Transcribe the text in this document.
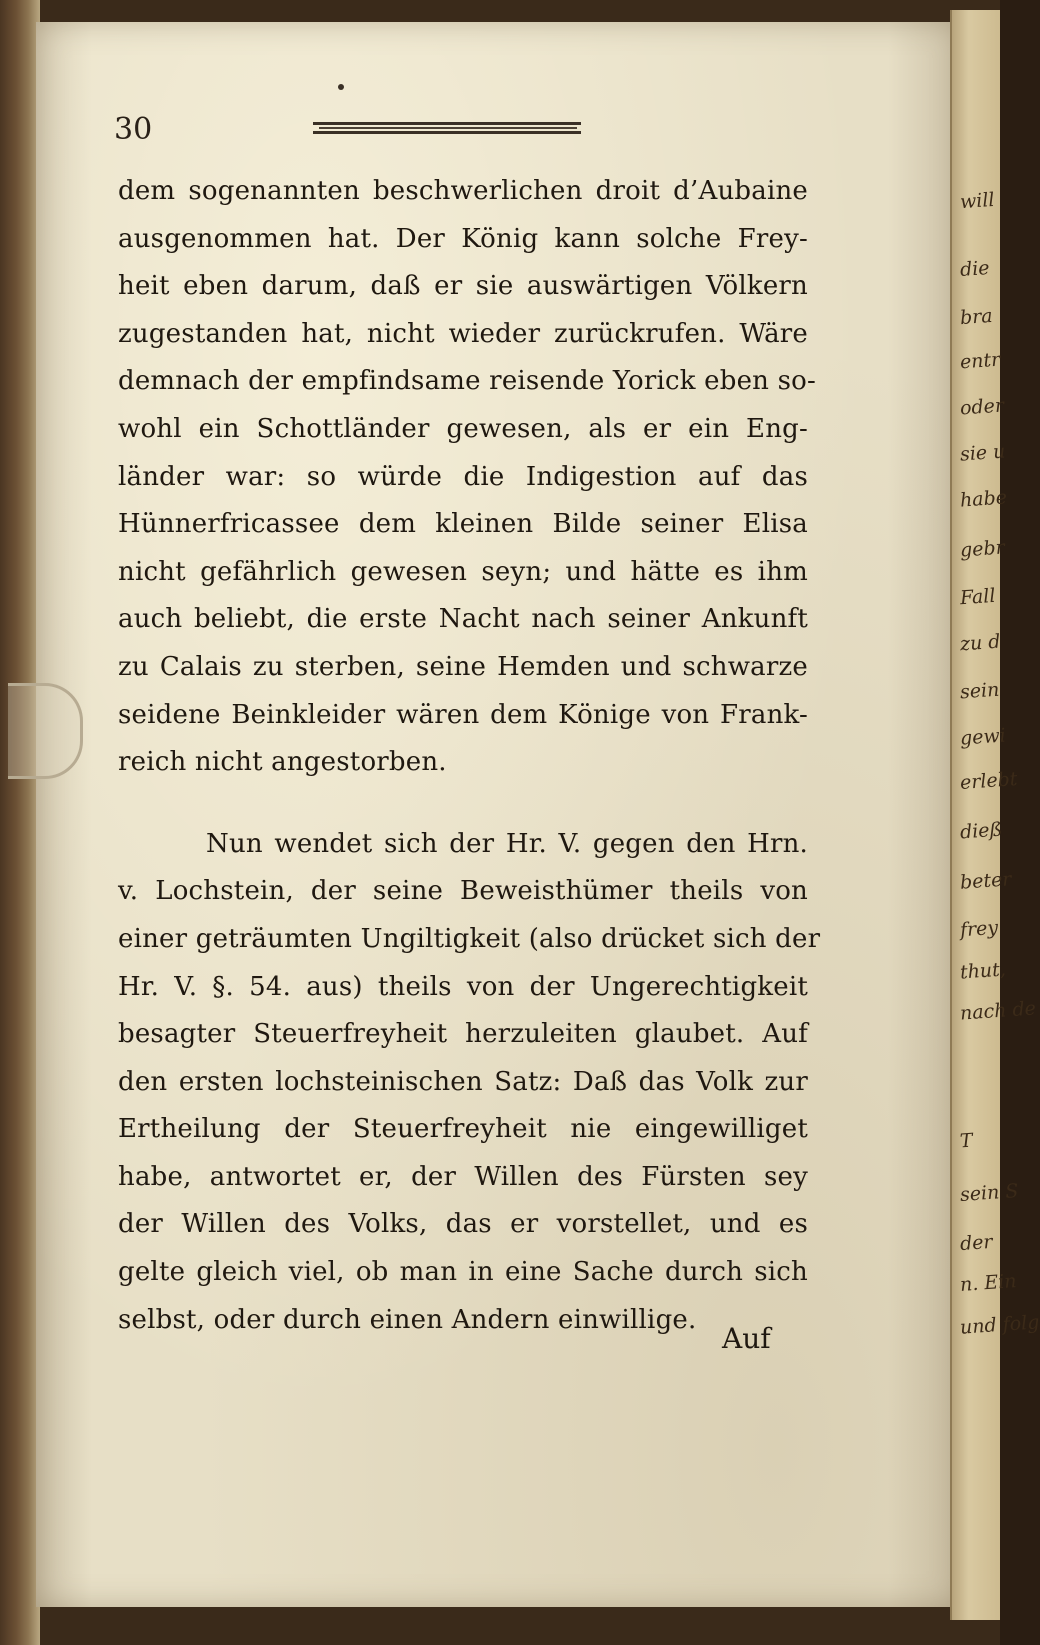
will
die
bra
entr
oder
sie u
habe
gebr
Fall
zu d
sein
gewi
erlebt
dieß
beter
frey
thut,
nach de
T
sein S
der
n. Ein
und folg
30
dem sogenannten beschwerlichen droit d’Aubaine
ausgenommen hat. Der König kann solche Frey-
heit eben darum, daß er sie auswärtigen Völkern
zugestanden hat, nicht wieder zurückrufen. Wäre
demnach der empfindsame reisende Yorick eben so-
wohl ein Schottländer gewesen, als er ein Eng-
länder war: so würde die Indigestion auf das
Hünnerfricassee dem kleinen Bilde seiner Elisa
nicht gefährlich gewesen seyn; und hätte es ihm
auch beliebt, die erste Nacht nach seiner Ankunft
zu Calais zu sterben, seine Hemden und schwarze
seidene Beinkleider wären dem Könige von Frank-
reich nicht angestorben.
Nun wendet sich der Hr. V. gegen den Hrn.
v. Lochstein, der seine Beweisthümer theils von
einer geträumten Ungiltigkeit (also drücket sich der
Hr. V. §. 54. aus) theils von der Ungerechtigkeit
besagter Steuerfreyheit herzuleiten glaubet. Auf
den ersten lochsteinischen Satz: Daß das Volk zur
Ertheilung der Steuerfreyheit nie eingewilliget
habe, antwortet er, der Willen des Fürsten sey
der Willen des Volks, das er vorstellet, und es
gelte gleich viel, ob man in eine Sache durch sich
selbst, oder durch einen Andern einwillige.
Auf
